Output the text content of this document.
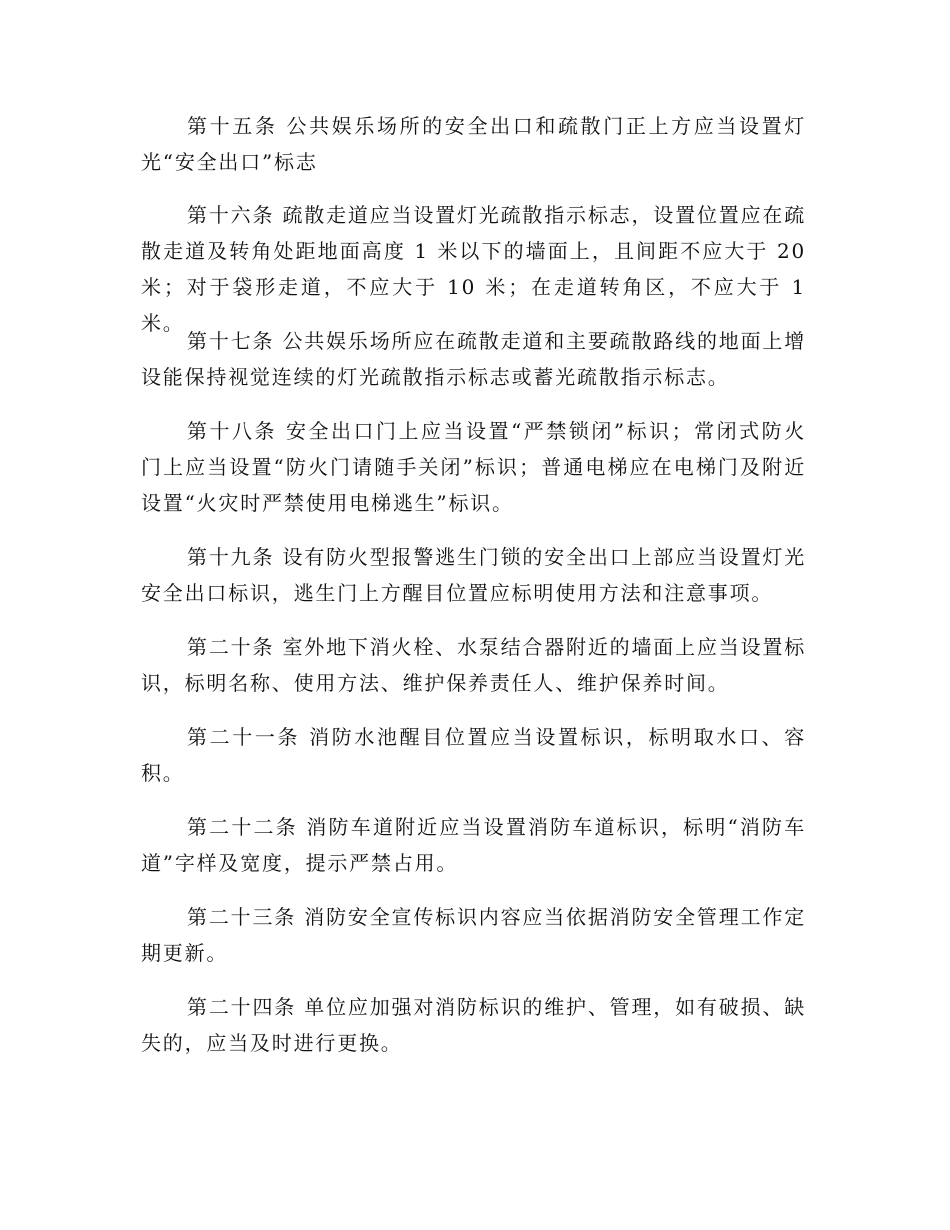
第十五条 公共娱乐场所的安全出口和疏散门正上方应当设置灯光“安全出口”标志

第十六条 疏散走道应当设置灯光疏散指示标志，设置位置应在疏散走道及转角处距地面高度 1 米以下的墙面上，且间距不应大于 20 米；对于袋形走道，不应大于 10 米；在走道转角区，不应大于 1 米。

第十七条 公共娱乐场所应在疏散走道和主要疏散路线的地面上增设能保持视觉连续的灯光疏散指示标志或蓄光疏散指示标志。

第十八条 安全出口门上应当设置“严禁锁闭”标识；常闭式防火门上应当设置“防火门请随手关闭”标识；普通电梯应在电梯门及附近设置“火灾时严禁使用电梯逃生”标识。

第十九条 设有防火型报警逃生门锁的安全出口上部应当设置灯光安全出口标识，逃生门上方醒目位置应标明使用方法和注意事项。

第二十条 室外地下消火栓、水泵结合器附近的墙面上应当设置标识，标明名称、使用方法、维护保养责任人、维护保养时间。

第二十一条 消防水池醒目位置应当设置标识，标明取水口、容积。

第二十二条 消防车道附近应当设置消防车道标识，标明“消防车道”字样及宽度，提示严禁占用。

第二十三条 消防安全宣传标识内容应当依据消防安全管理工作定期更新。

第二十四条 单位应加强对消防标识的维护、管理，如有破损、缺失的，应当及时进行更换。
